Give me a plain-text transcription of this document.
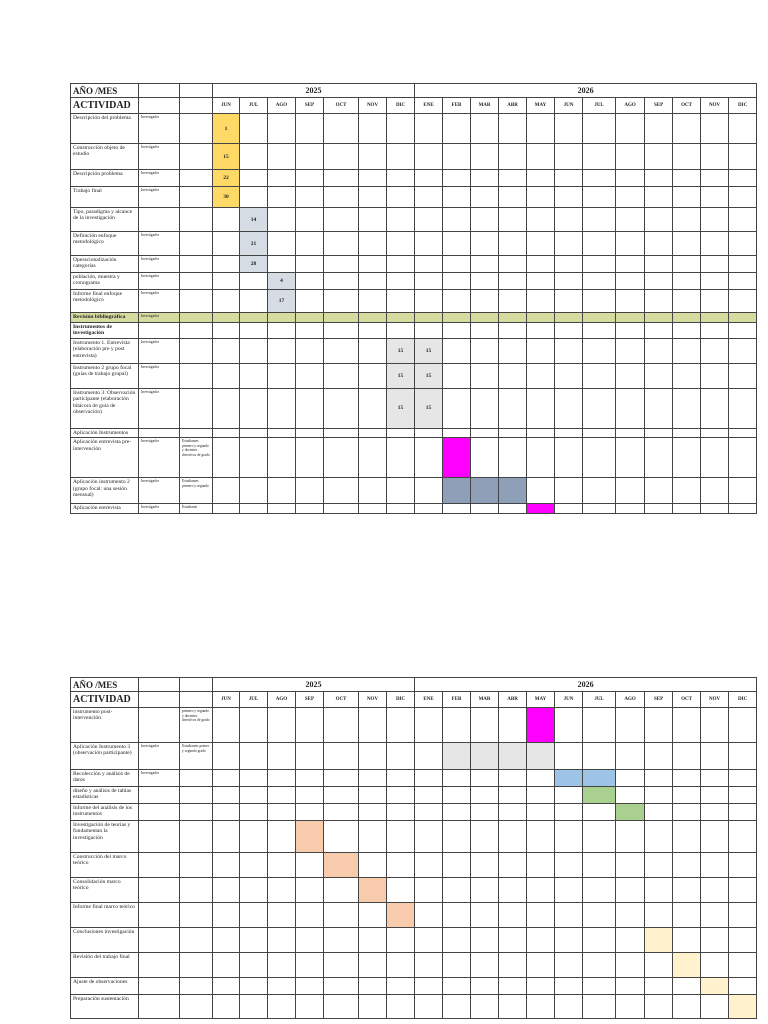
AÑO /MES			2025							2026											
ACTIVIDAD			JUN	JUL	AGO	SEP	OCT	NOV	DIC	ENE	FEB	MAR	ABR	MAY	JUN	JUL	AGO	SEP	OCT	NOV	DIC
Descripción del problema	Investigador		1																		
Construcción objeto de estudio	Investigador		15																		
Descripción problema	Investigador		22																		
Trabajo final	Investigador		30																		
Tipo, paradigma y alcance de la investigación				14																	
Definición enfoque metodológico	Investigador			21																	
Operacionalización categorías	Investigador			28																	
población, muestra y cronograma	Investigador				4																
Informe final enfoque metodológico	Investigador				17																
Revisión bibliográfica	Investigador																				
Instrumentos de investigación																					
Instrumento 1. Entrevista (elaboración pre y post entrevista)	Investigador								15	15											
Instrumento 2 grupo focal (guías de trabajo grupal)	Investigador								15	15											
Instrumento 3. Observación participante (elaboración bitácora de guía de observación)	Investigador								15	15											
Aplicación Instrumentos																					
Aplicación entrevista pre- intervención	Investigador	Estudiantes primero y segundo y docentes directivos de grado																			
Aplicación instrumento 2 (grupo focal: una sesión mensual)	Investigador	Estudiantes primero y segundo																			
Aplicación entrevista	Investigador	Estudiante																			
AÑO /MES			2025							2026											
ACTIVIDAD			JUN	JUL	AGO	SEP	OCT	NOV	DIC	ENE	FEB	MAR	ABR	MAY	JUN	JUL	AGO	SEP	OCT	NOV	DIC
instrumento post-intervención		primero y segundo y docentes directivos de grado																			
Aplicación Instrumento 3 (observación participante)	Investigador	Estudiantes primer y segundo grado																			
Recolección y análisis de datos	Investigador																				
diseño y análisis de tablas estadísticas																					
Informe del análisis de los instrumentos																					
Investigación de teorías y fundamentan la investigación																					
Construcción del marco teórico																					
Consolidación marco teórico																					
Informe final marco teórico																					
Conclusiones investigación																					
Revisión del trabajo final																					
Ajuste de observaciones																					
Preparación sustentación																					
